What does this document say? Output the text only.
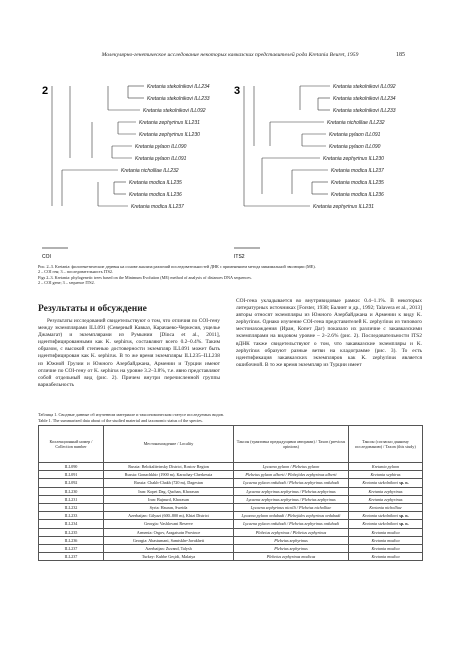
Молекулярно-генетическое исследование некоторых кавказских представителей рода Kretania Beuret, 1959	185
2	Kretania stekolnikovi ILL234
Kretania stekolnikovi ILL233
Kretania stekolnikovi ILL092
Kretania zephyrinus ILL231
Kretania zephyrinus ILL230
Kretania pylaon ILL090
Kretania pylaon ILL091
Kretania nicholliae ILL232
Kretania modica ILL235
Kretania modica ILL236
Kretania modica ILL237
COI
3	Kretania stekolnikovi ILL092
Kretania stekolnikovi ILL234
Kretania stekolnikovi ILL233
Kretania nicholliae ILL232
Kretania pylaon ILL091
Kretania pylaon ILL090
Kretania zephyrinus ILL230
Kretania modica ILL237
Kretania modica ILL235
Kretania modica ILL236
Kretania zephyrinus ILL231
ITS2
Рис. 2–3. Kretania: филогенетические деревья на основе анализа различий последовательностей ДНК с применением метода минимальной эволюции (ME).
2 – COI ген; 3 – последовательность ITS2.
Figs 2–3. Kretania: phylogenetic trees based on the Minimum Evolution (ME) method of analysis of distances DNA sequences.
2 – COI gene; 3 – sequence ITS2.
Результаты и обсуждение
Результаты исследований свидетельствуют о том, что отличия по COI-гену между экземплярами ILL091 (Северный Кавказ, Карачаево-Черкесия, ущелье Джамагат) и экземплярами из Румынии [Dinca et al., 2011], идентифицированными как K. sephirus, составляют всего 0.2–0.4%. Таким образом, с высокой степенью достоверности экземпляр ILL091 может быть идентифицирован как K. sephirus. В то же время экземпляры ILL235–ILL238 из Южной Грузии и Южного Азербайджана, Армении и Турции имеют отличие по COI-гену от K. sephirus на уровне 3.2–3.8%, т.е. явно представляют собой отдельный вид (рис. 2). Причем внутри перечисленной группы вариабельность
COI-гена укладывается во внутривидовые рамки: 0.4–1.1%. В некоторых литературных источниках [Forster, 1938; Балинт и др., 1992; Talavera et al., 2013] авторы относят экземпляры из Южного Азербайджана и Армении к виду K. zephyrinus. Однако изучение COI-гена представителей K. zephyrinus из типового местонахождения (Иран, Копет Даг) показало их различие с закавказскими экземплярами на видовом уровне – 2–2.6% (рис. 2). Последовательности ITS2 вДНК также свидетельствуют о том, что закавказские экземпляры и K. zephyrinus образуют разные ветви на кладограмме (рис. 3). То есть идентификация закавказских экземпляров как K. zephyrinus является ошибочной. В то же время экземпляр из Турции имеет
Таблица 1. Сводные данные об изученном материале и таксономическом статусе исследуемых видов.
Table 1. The summarized data about of the studied material and taxonomic status of the species.
Коллекционный номер / Collection number	Местонахождение / Locality	Таксон (трактовка предыдущими авторами) / Taxon (previous opinions)	Таксон (согласно данному исследованию) / Taxon (this study)
ILL090	Russia: Belokalitvinsky District, Rostov Region	Lycaena pylaon / Plebeius pylaon	Kretania pylaon
ILL091	Russia: Gonachkhir (1900 m), Karachay-Cherkessia	Plebeius pylaon alberti / Plebejides zephyrinus alberti	Kretania sephirus
ILL092	Russia: Chakh-Chakh (720 m), Dagestan	Lycaena pylaon ordubadi / Plebeius zephyrinus ordubadi	Kretania stekolnikovi sp. n.
ILL230	Iran: Kopet Dag, Quchan, Khorasan	Lycaena zephyrinus zephyrinus / Plebeius zephyrinus	Kretania zephyrinus
ILL231	Iran: Bujnurd, Khorasan	Lycaena zephyrinus zephyrinus / Plebeius zephyrinus	Kretania zephyrinus
ILL232	Syria: Hauran, Sweida	Lycaena zephyrinus nicolli / Plebeius nicholliae	Kretania nicholliae
ILL233	Azerbaijan: Gilyazi (600–800 m), Khizi District	Lycaena pylaon ordubadi / Plebejides zephyrinus ordubadi	Kretania stekolnikovi sp. n.
ILL234	Georgia: Vashlovani Reserve	Lycaena pylaon ordubadi / Plebeius zephyrinus ordubadi	Kretania stekolnikovi sp. n.
ILL235	Armenia: Orgov, Aragatsotn Province	Plebeius zephyrinus / Plebeius zephyrinus	Kretania modica
ILL236	Georgia: Abastumani, Samtskhe-Javakheti	Plebeius zephyrinus	Kretania modica
ILL237	Azerbaijan: Zuvand, Talysh	Plebeius zephyrinus	Kretania modica
ILL237	Turkey: Kubbe Geçidi, Malatya	Plebeius zephyrinus modicus	Kretania modica
